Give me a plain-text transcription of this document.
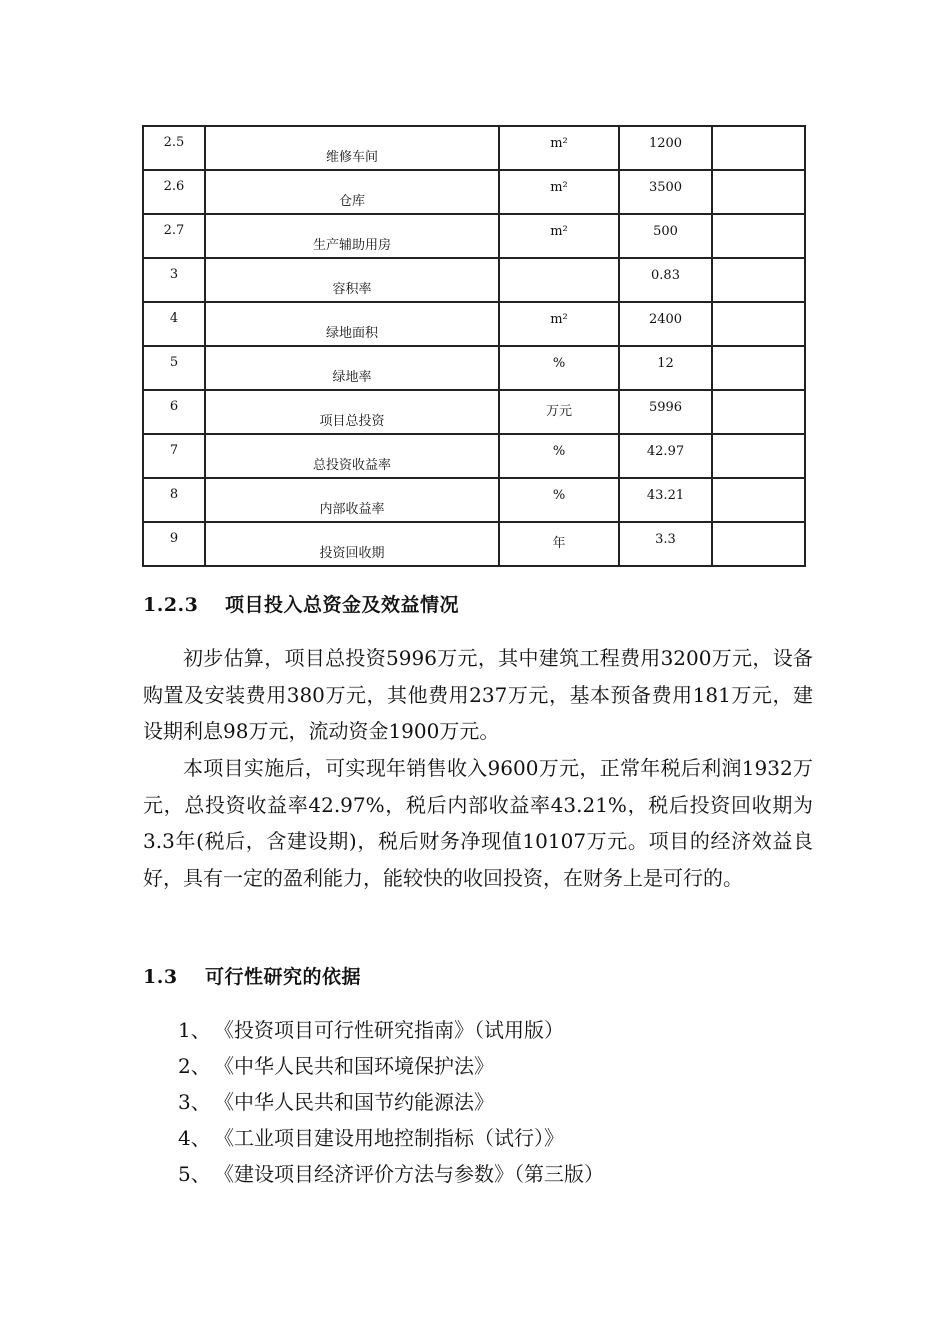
2.5	维修车间	m²	1200	

2.6	仓库	m²	3500	

2.7	生产辅助用房	m²	500	

3	容积率		0.83	

4	绿地面积	m²	2400	

5	绿地率	%	12	

6	项目总投资	万元	5996	

7	总投资收益率	%	42.97	

8	内部收益率	%	43.21	

9	投资回收期	年	3.3	

1.2.3 项目投入总资金及效益情况
初步估算，项目总投资5996万元，其中建筑工程费用3200万元，设备购置及安装费用380万元，其他费用237万元，基本预备费用181万元，建设期利息98万元，流动资金1900万元。
本项目实施后，可实现年销售收入9600万元，正常年税后利润1932万元，总投资收益率42.97%，税后内部收益率43.21%，税后投资回收期为3.3年(税后，含建设期)，税后财务净现值10107万元。项目的经济效益良好，具有一定的盈利能力，能较快的收回投资，在财务上是可行的。
1.3 可行性研究的依据
1、 《投资项目可行性研究指南》（试用版）
2、 《中华人民共和国环境保护法》
3、 《中华人民共和国节约能源法》
4、 《工业项目建设用地控制指标（试行）》
5、 《建设项目经济评价方法与参数》（第三版）
